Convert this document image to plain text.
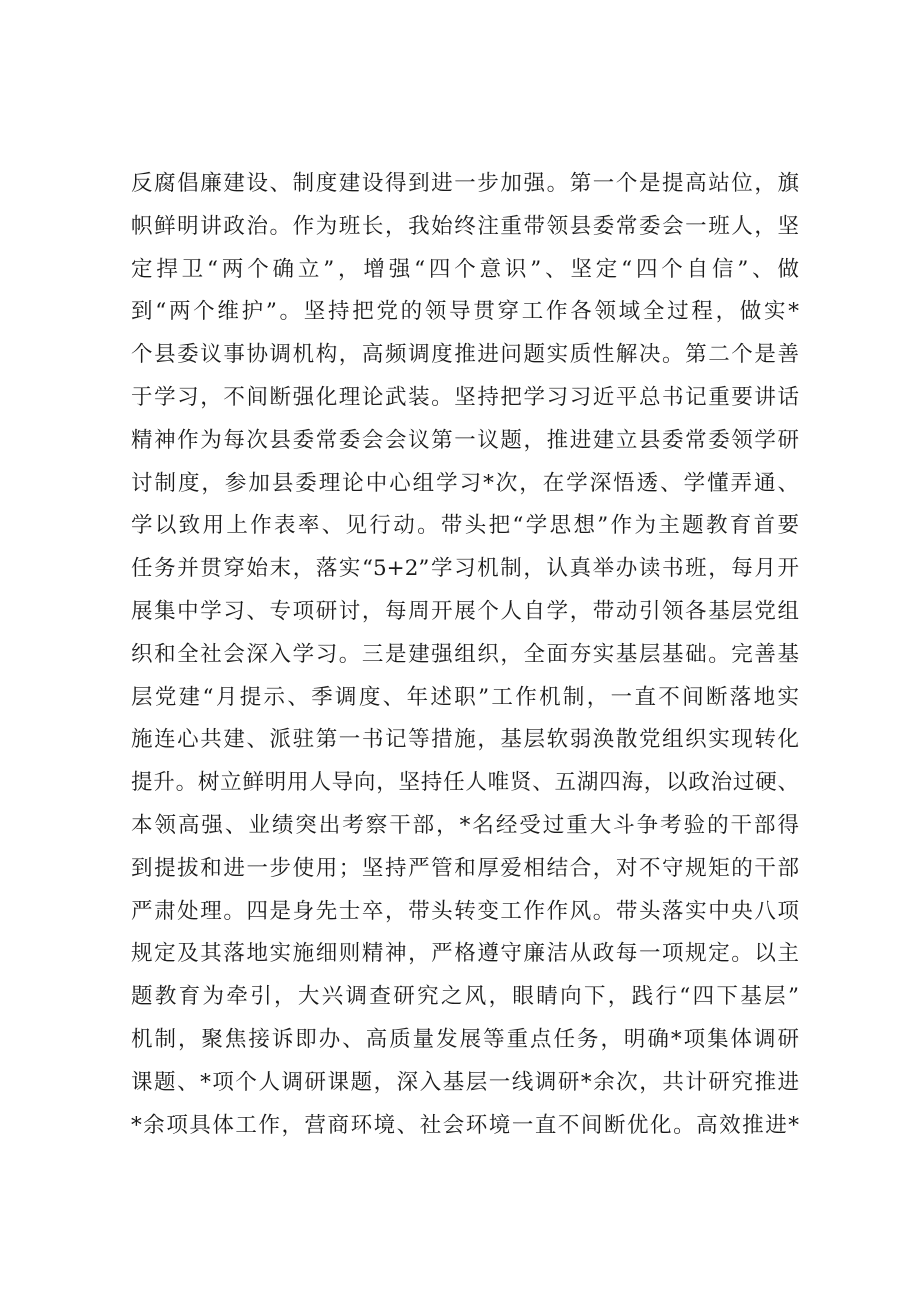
反腐倡廉建设、制度建设得到进一步加强。第一个是提高站位，旗
帜鲜明讲政治。作为班长，我始终注重带领县委常委会一班人，坚
定捍卫“两个确立”，增强“四个意识”、坚定“四个自信”、做
到“两个维护”。坚持把党的领导贯穿工作各领域全过程，做实*
个县委议事协调机构，高频调度推进问题实质性解决。第二个是善
于学习，不间断强化理论武装。坚持把学习习近平总书记重要讲话
精神作为每次县委常委会会议第一议题，推进建立县委常委领学研
讨制度，参加县委理论中心组学习*次，在学深悟透、学懂弄通、
学以致用上作表率、见行动。带头把“学思想”作为主题教育首要
任务并贯穿始末，落实“5+2”学习机制，认真举办读书班，每月开
展集中学习、专项研讨，每周开展个人自学，带动引领各基层党组
织和全社会深入学习。三是建强组织，全面夯实基层基础。完善基
层党建“月提示、季调度、年述职”工作机制，一直不间断落地实
施连心共建、派驻第一书记等措施，基层软弱涣散党组织实现转化
提升。树立鲜明用人导向，坚持任人唯贤、五湖四海，以政治过硬、
本领高强、业绩突出考察干部，*名经受过重大斗争考验的干部得
到提拔和进一步使用；坚持严管和厚爱相结合，对不守规矩的干部
严肃处理。四是身先士卒，带头转变工作作风。带头落实中央八项
规定及其落地实施细则精神，严格遵守廉洁从政每一项规定。以主
题教育为牵引，大兴调查研究之风，眼睛向下，践行“四下基层”
机制，聚焦接诉即办、高质量发展等重点任务，明确*项集体调研
课题、*项个人调研课题，深入基层一线调研*余次，共计研究推进
*余项具体工作，营商环境、社会环境一直不间断优化。高效推进*
